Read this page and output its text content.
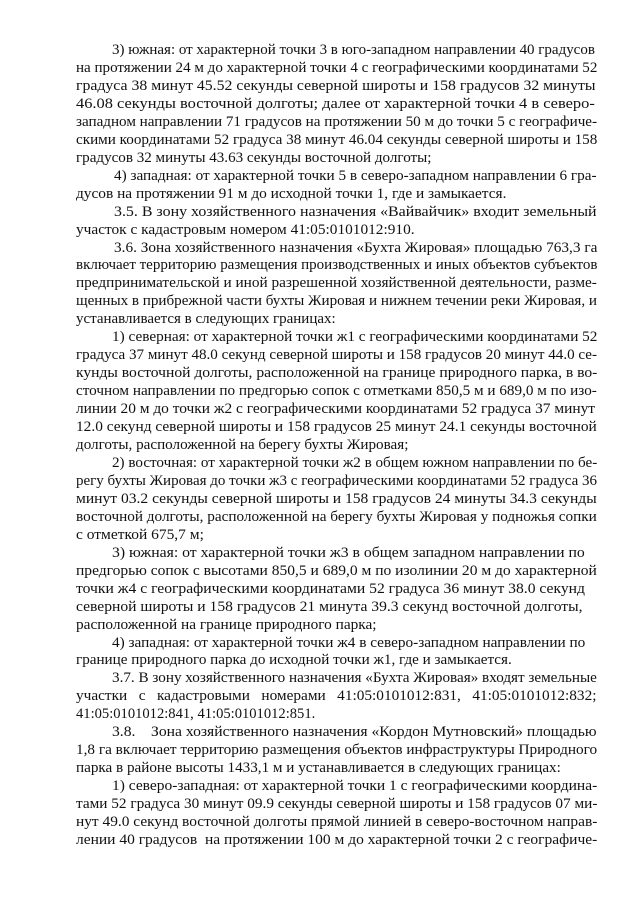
3) южная: от характерной точки 3 в юго-западном направлении 40 градусов
на протяжении 24 м до характерной точки 4 с географическими координатами 52
градуса 38 минут 45.52 секунды северной широты и 158 градусов 32 минуты
46.08 секунды восточной долготы; далее от характерной точки 4 в северо-
западном направлении 71 градусов на протяжении 50 м до точки 5 с географиче-
скими координатами 52 градуса 38 минут 46.04 секунды северной широты и 158
градусов 32 минуты 43.63 секунды восточной долготы;
4) западная: от характерной точки 5 в северо-западном направлении 6 гра-
дусов на протяжении 91 м до исходной точки 1, где и замыкается.
3.5. В зону хозяйственного назначения «Вайвайчик» входит земельный
участок с кадастровым номером 41:05:0101012:910.
3.6. Зона хозяйственного назначения «Бухта Жировая» площадью 763,3 га
включает территорию размещения производственных и иных объектов субъектов
предпринимательской и иной разрешенной хозяйственной деятельности, разме-
щенных в прибрежной части бухты Жировая и нижнем течении реки Жировая, и
устанавливается в следующих границах:
1) северная: от характерной точки ж1 с географическими координатами 52
градуса 37 минут 48.0 секунд северной широты и 158 градусов 20 минут 44.0 се-
кунды восточной долготы, расположенной на границе природного парка, в во-
сточном направлении по предгорью сопок с отметками 850,5 м и 689,0 м по изо-
линии 20 м до точки ж2 с географическими координатами 52 градуса 37 минут
12.0 секунд северной широты и 158 градусов 25 минут 24.1 секунды восточной
долготы, расположенной на берегу бухты Жировая;
2) восточная: от характерной точки ж2 в общем южном направлении по бе-
регу бухты Жировая до точки ж3 с географическими координатами 52 градуса 36
минут 03.2 секунды северной широты и 158 градусов 24 минуты 34.3 секунды
восточной долготы, расположенной на берегу бухты Жировая у подножья сопки
с отметкой 675,7 м;
3) южная: от характерной точки ж3 в общем западном направлении по
предгорью сопок с высотами 850,5 и 689,0 м по изолинии 20 м до характерной
точки ж4 с географическими координатами 52 градуса 36 минут 38.0 секунд
северной широты и 158 градусов 21 минута 39.3 секунд восточной долготы,
расположенной на границе природного парка;
4) западная: от характерной точки ж4 в северо-западном направлении по
границе природного парка до исходной точки ж1, где и замыкается.
3.7. В зону хозяйственного назначения «Бухта Жировая» входят земельные
участки   с   кадастровыми   номерами   41:05:0101012:831,   41:05:0101012:832;
41:05:0101012:841, 41:05:0101012:851.
3.8.    Зона хозяйственного назначения «Кордон Мутновский» площадью
1,8 га включает территорию размещения объектов инфраструктуры Природного
парка в районе высоты 1433,1 м и устанавливается в следующих границах:
1) северо-западная: от характерной точки 1 с географическими координа-
тами 52 градуса 30 минут 09.9 секунды северной широты и 158 градусов 07 ми-
нут 49.0 секунд восточной долготы прямой линией в северо-восточном направ-
лении 40 градусов  на протяжении 100 м до характерной точки 2 с географиче-
